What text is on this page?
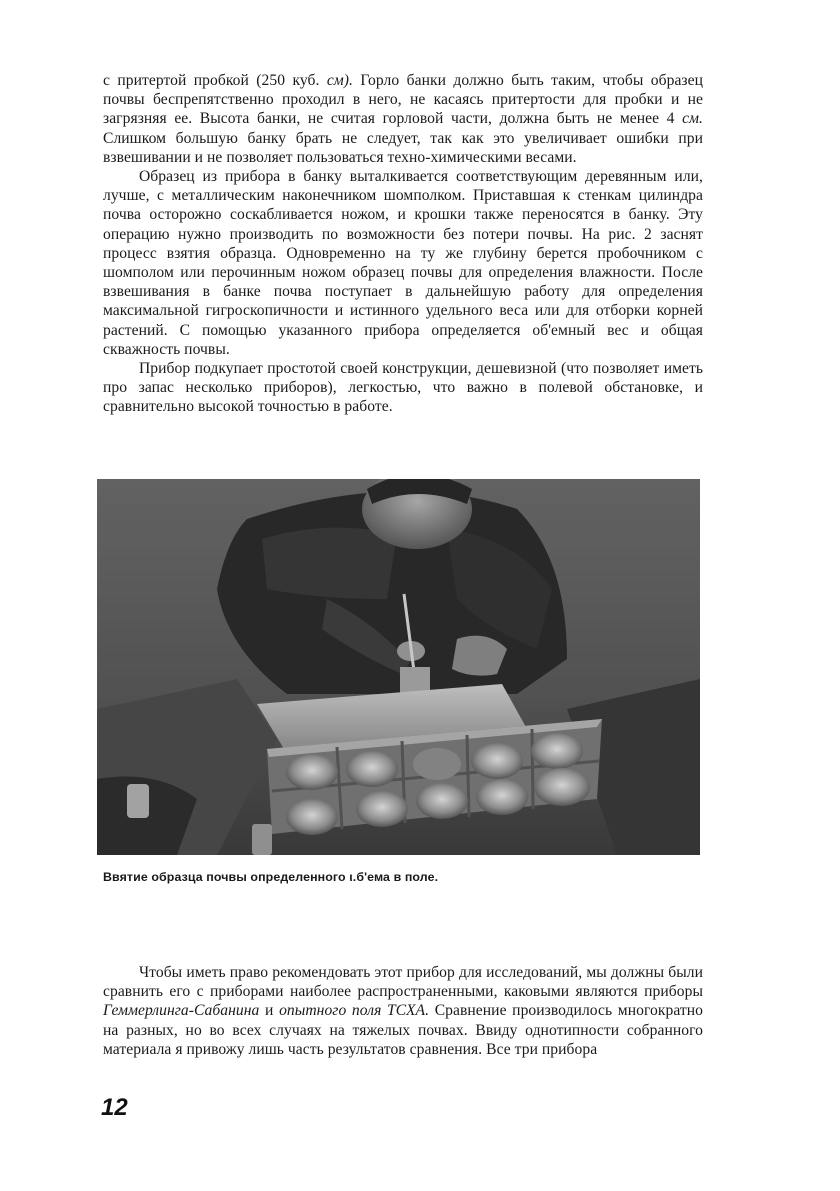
с притертой пробкой (250 куб. см). Горло банки должно быть таким, чтобы образец почвы беспрепятственно проходил в него, не касаясь притертости для пробки и не загрязняя ее. Высота банки, не считая горловой части, должна быть не менее 4 см. Слишком большую банку брать не следует, так как это увеличивает ошибки при взвешивании и не позволяет пользоваться техно-химическими весами.

Образец из прибора в банку выталкивается соответствующим деревянным или, лучше, с металлическим наконечником шомполком. Приставшая к стенкам цилиндра почва осторожно соскабливается ножом, и крошки также переносятся в банку. Эту операцию нужно производить по возможности без потери почвы. На рис. 2 заснят процесс взятия образца. Одновременно на ту же глубину берется пробочником с шомполом или перочинным ножом образец почвы для определения влажности. После взвешивания в банке почва поступает в дальнейшую работу для определения максимальной гигроскопичности и истинного удельного веса или для отборки корней растений. С помощью указанного прибора определяется об'емный вес и общая скважность почвы.

Прибор подкупает простотой своей конструкции, дешевизной (что позволяет иметь про запас несколько приборов), легкостью, что важно в полевой обстановке, и сравнительно высокой точностью в работе.

Ввятие образца почвы определенного ι.б'ема в поле.

Чтобы иметь право рекомендовать этот прибор для исследований, мы должны были сравнить его с приборами наиболее распространенными, каковыми являются приборы Геммерлинга-Сабанина и опытного поля ТСХА. Сравнение производилось многократно на разных, но во всех случаях на тяжелых почвах. Ввиду однотипности собранного материала я привожу лишь часть результатов сравнения. Все три прибора

12
